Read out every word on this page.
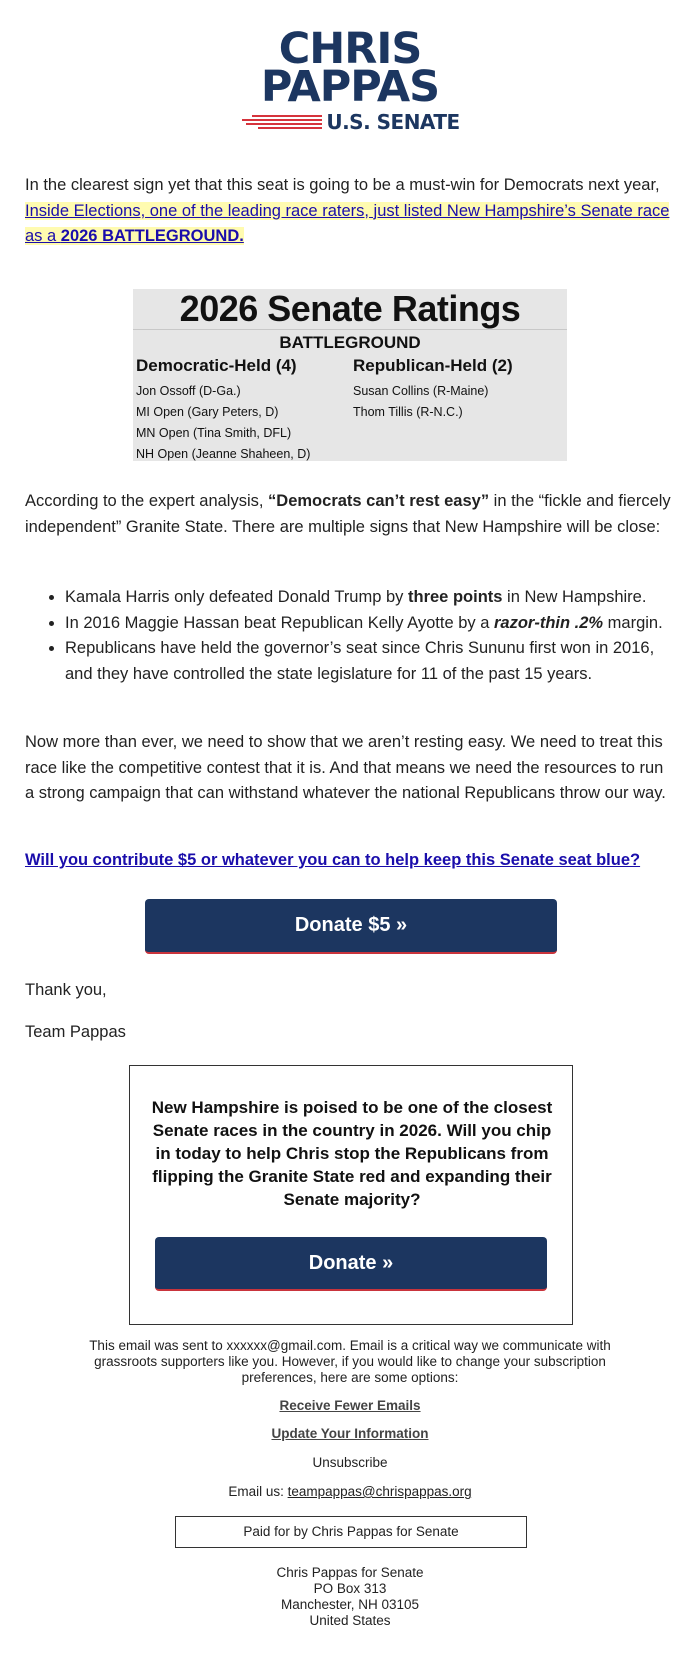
CHRIS
PAPPAS
U.S. SENATE

In the clearest sign yet that this seat is going to be a must-win for Democrats next year, Inside Elections, one of the leading race raters, just listed New Hampshire’s Senate race as a 2026 BATTLEGROUND.

2026 Senate Ratings
BATTLEGROUND
Democratic-Held (4)	Republican-Held (2)
Jon Ossoff (D-Ga.)
MI Open (Gary Peters, D)
MN Open (Tina Smith, DFL)
NH Open (Jeanne Shaheen, D)
Susan Collins (R-Maine)
Thom Tillis (R-N.C.)

According to the expert analysis, “Democrats can’t rest easy” in the “fickle and fiercely independent” Granite State. There are multiple signs that New Hampshire will be close:

• Kamala Harris only defeated Donald Trump by three points in New Hampshire.
• In 2016 Maggie Hassan beat Republican Kelly Ayotte by a razor-thin .2% margin.
• Republicans have held the governor’s seat since Chris Sununu first won in 2016, and they have controlled the state legislature for 11 of the past 15 years.

Now more than ever, we need to show that we aren’t resting easy. We need to treat this race like the competitive contest that it is. And that means we need the resources to run a strong campaign that can withstand whatever the national Republicans throw our way.

Will you contribute $5 or whatever you can to help keep this Senate seat blue?
Donate $5 »

Thank you,

Team Pappas

New Hampshire is poised to be one of the closest Senate races in the country in 2026. Will you chip in today to help Chris stop the Republicans from flipping the Granite State red and expanding their Senate majority?
Donate »
This email was sent to xxxxxx@gmail.com. Email is a critical way we communicate with grassroots supporters like you. However, if you would like to change your subscription preferences, here are some options:
Receive Fewer Emails
Update Your Information
Unsubscribe
Email us: teampappas@chrispappas.org
Paid for by Chris Pappas for Senate
Chris Pappas for Senate
PO Box 313
Manchester, NH 03105
United States
